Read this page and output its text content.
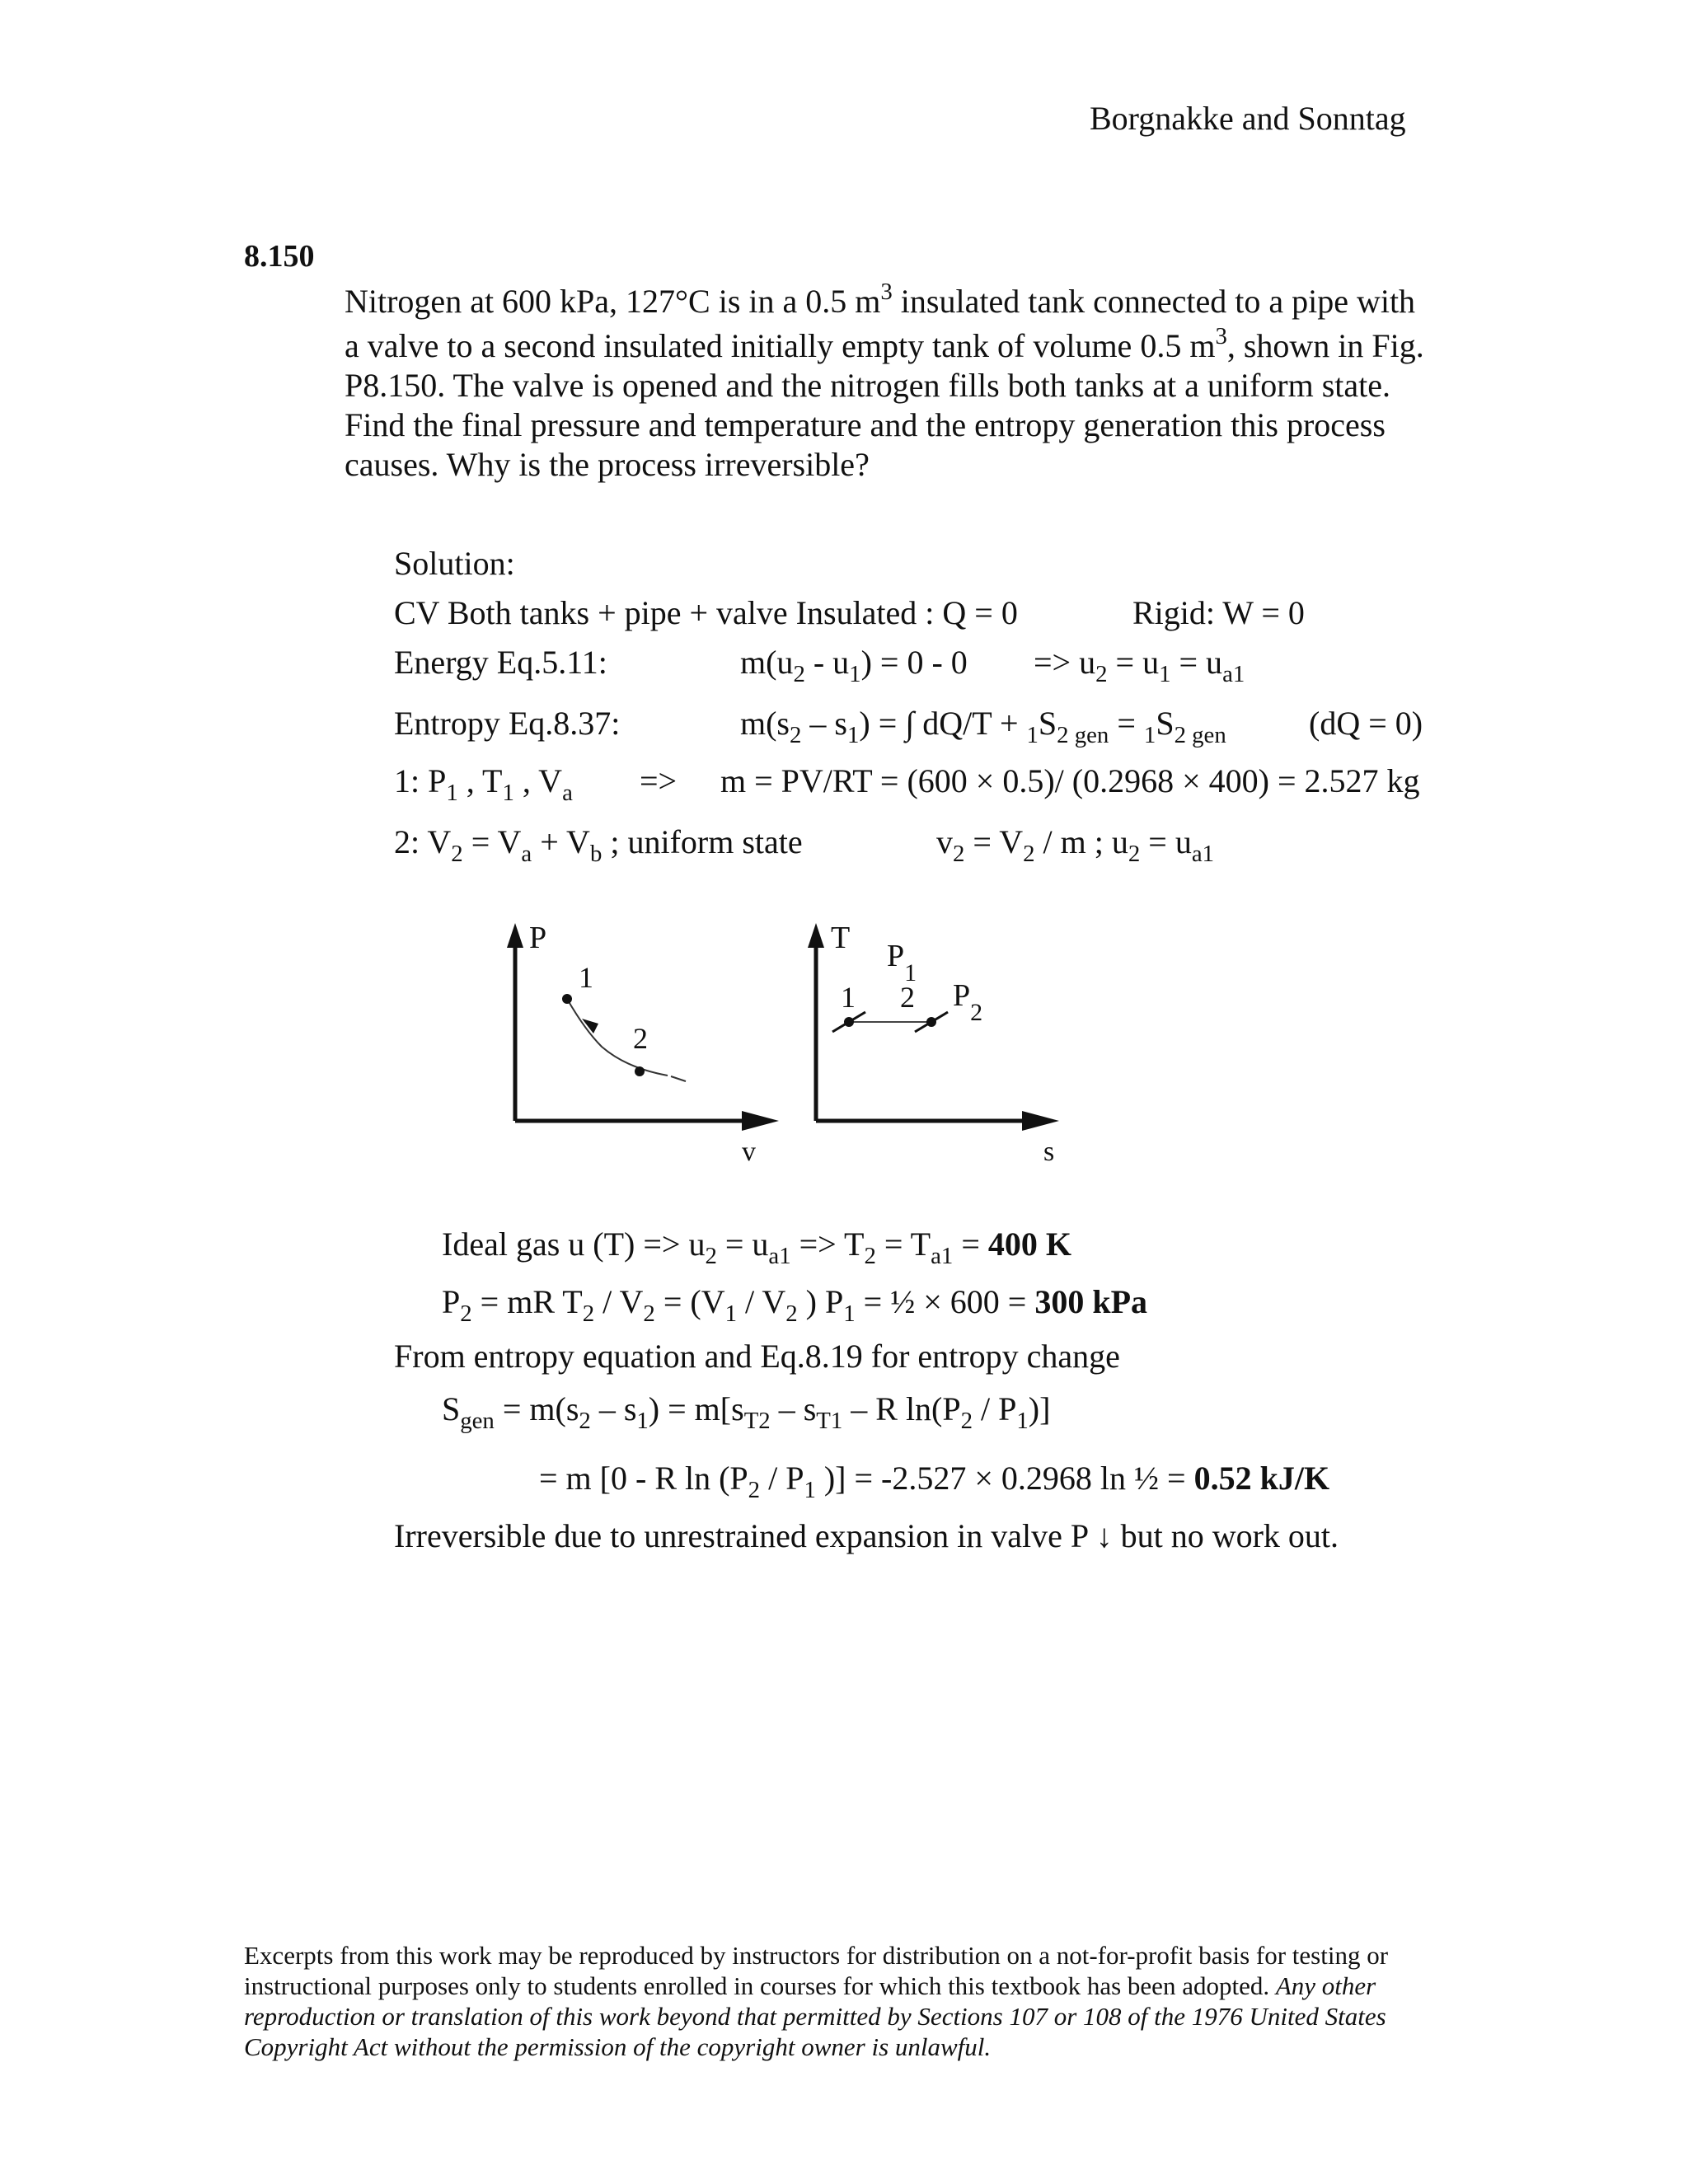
Borgnakke and Sonntag
8.150
Nitrogen at 600 kPa, 127°C is in a 0.5 $m^3$ insulated tank connected to a pipe with
a valve to a second insulated initially empty tank of volume 0.5 $m^3$, shown in Fig.
P8.150. The valve is opened and the nitrogen fills both tanks at a uniform state.
Find the final pressure and temperature and the entropy generation this process
causes. Why is the process irreversible?
Solution:
CV Both tanks + pipe + valve Insulated : Q = 0	Rigid: W = 0
Energy Eq.5.11:	$m(u_2 - u_1) = 0 - 0 => u_2 = u_1 = u_{a1}$
Entropy Eq.8.37:	$m(s_2 - s_1)$ = ∫ $dQ/T + _1S_{2 gen} = _1S_{2 gen}$	(dQ = 0)
1: $P_1$ , $T_1$ , $V_a => m = PV/RT = (600 \times 0.5)/$ (0.2968 × 400) = 2.527 kg
2: $V_2 = V_a + V_b$ ; uniform state	$v_2 = V_2 / m$ ; $u_2 = u_{a1}$
P
v
1
2
T
s
1 2
$P_1$
$P_2$
Ideal gas u $(T) => u_2 = u_{a1} => T_2 = T_{a1} = 400$ K
$P_2$ = mR $T_2 / V_2 = (V_1 / V_2$ ) $P_1$ = ½ × 600 = 300 kPa
From entropy equation and Eq.8.19 for entropy change
$S_{gen} = m(s_2 - s_1) = m[s_{T2} - s_{T1} - R$ $\ln(P_2 / P_1)$]
= m [0 - R $\ln (P_2 / P_1$ )] = -2.527 × 0.2968 ln ½ = 0.52 kJ/K
Irreversible due to unrestrained expansion in valve P ↓ but no work out.
Excerpts from this work may be reproduced by instructors for distribution on a not-for-profit basis for testing or instructional purposes only to students enrolled in courses for which this textbook has been adopted. Any other reproduction or translation of this work beyond that permitted by Sections 107 or 108 of the 1976 United States Copyright Act without the permission of the copyright owner is unlawful.
